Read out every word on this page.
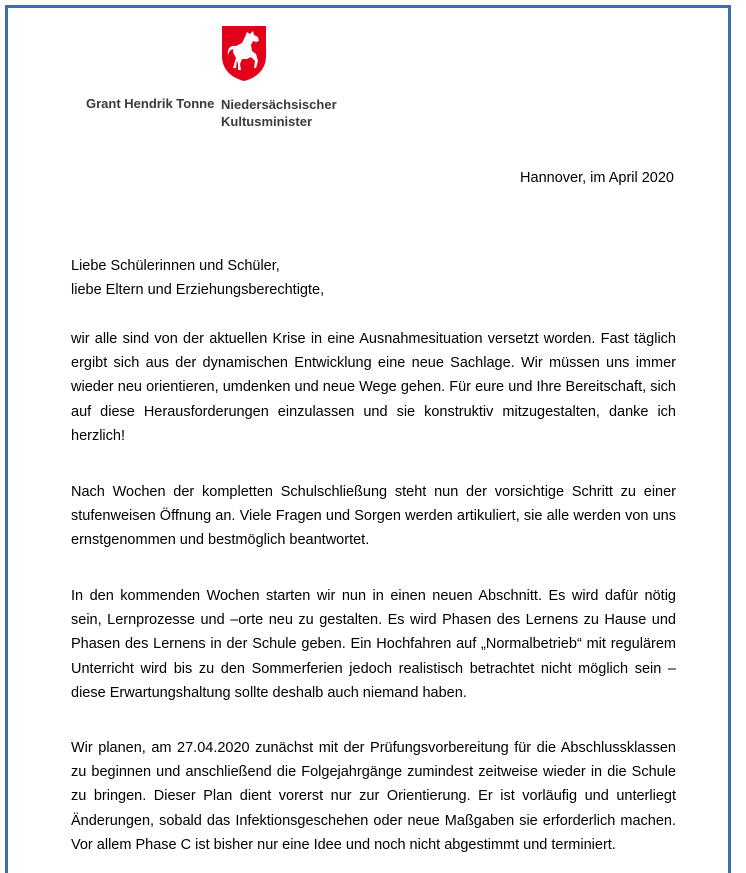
Grant Hendrik Tonne Niedersächsischer
Kultusminister
Hannover, im April 2020
Liebe Schülerinnen und Schüler,
liebe Eltern und Erziehungsberechtigte,

wir alle sind von der aktuellen Krise in eine Ausnahmesituation versetzt worden. Fast täglich ergibt sich aus der dynamischen Entwicklung eine neue Sachlage. Wir müssen uns immer wieder neu orientieren, umdenken und neue Wege gehen. Für eure und Ihre Bereitschaft, sich auf diese Herausforderungen einzulassen und sie konstruktiv mitzugestalten, danke ich herzlich!

Nach Wochen der kompletten Schulschließung steht nun der vorsichtige Schritt zu einer stufenweisen Öffnung an. Viele Fragen und Sorgen werden artikuliert, sie alle werden von uns ernstgenommen und bestmöglich beantwortet.

In den kommenden Wochen starten wir nun in einen neuen Abschnitt. Es wird dafür nötig sein, Lernprozesse und –orte neu zu gestalten. Es wird Phasen des Lernens zu Hause und Phasen des Lernens in der Schule geben. Ein Hochfahren auf „Normalbetrieb“ mit regulärem Unterricht wird bis zu den Sommerferien jedoch realistisch betrachtet nicht möglich sein – diese Erwartungshaltung sollte deshalb auch niemand haben.

Wir planen, am 27.04.2020 zunächst mit der Prüfungsvorbereitung für die Abschlussklassen zu beginnen und anschließend die Folgejahrgänge zumindest zeitweise wieder in die Schule zu bringen. Dieser Plan dient vorerst nur zur Orientierung. Er ist vorläufig und unterliegt Änderungen, sobald das Infektionsgeschehen oder neue Maßgaben sie erforderlich machen. Vor allem Phase C ist bisher nur eine Idee und noch nicht abgestimmt und terminiert.
